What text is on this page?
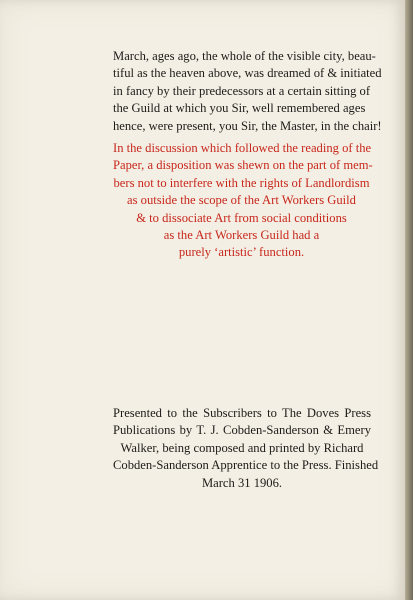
March, ages ago, the whole of the visible city, beau-
tiful as the heaven above, was dreamed of & initiated
in fancy by their predecessors at a certain sitting of
the Guild at which you Sir, well remembered ages
hence, were present, you Sir, the Master, in the chair!
In the discussion which followed the reading of the
Paper, a disposition was shewn on the part of mem-
bers not to interfere with the rights of Landlordism
as outside the scope of the Art Workers Guild
& to dissociate Art from social conditions
as the Art Workers Guild had a
purely ‘artistic’ function.
Presented to the Subscribers to The Doves Press
Publications by T. J. Cobden-Sanderson & Emery
Walker, being composed and printed by Richard
Cobden-Sanderson Apprentice to the Press. Finished
March 31 1906.
